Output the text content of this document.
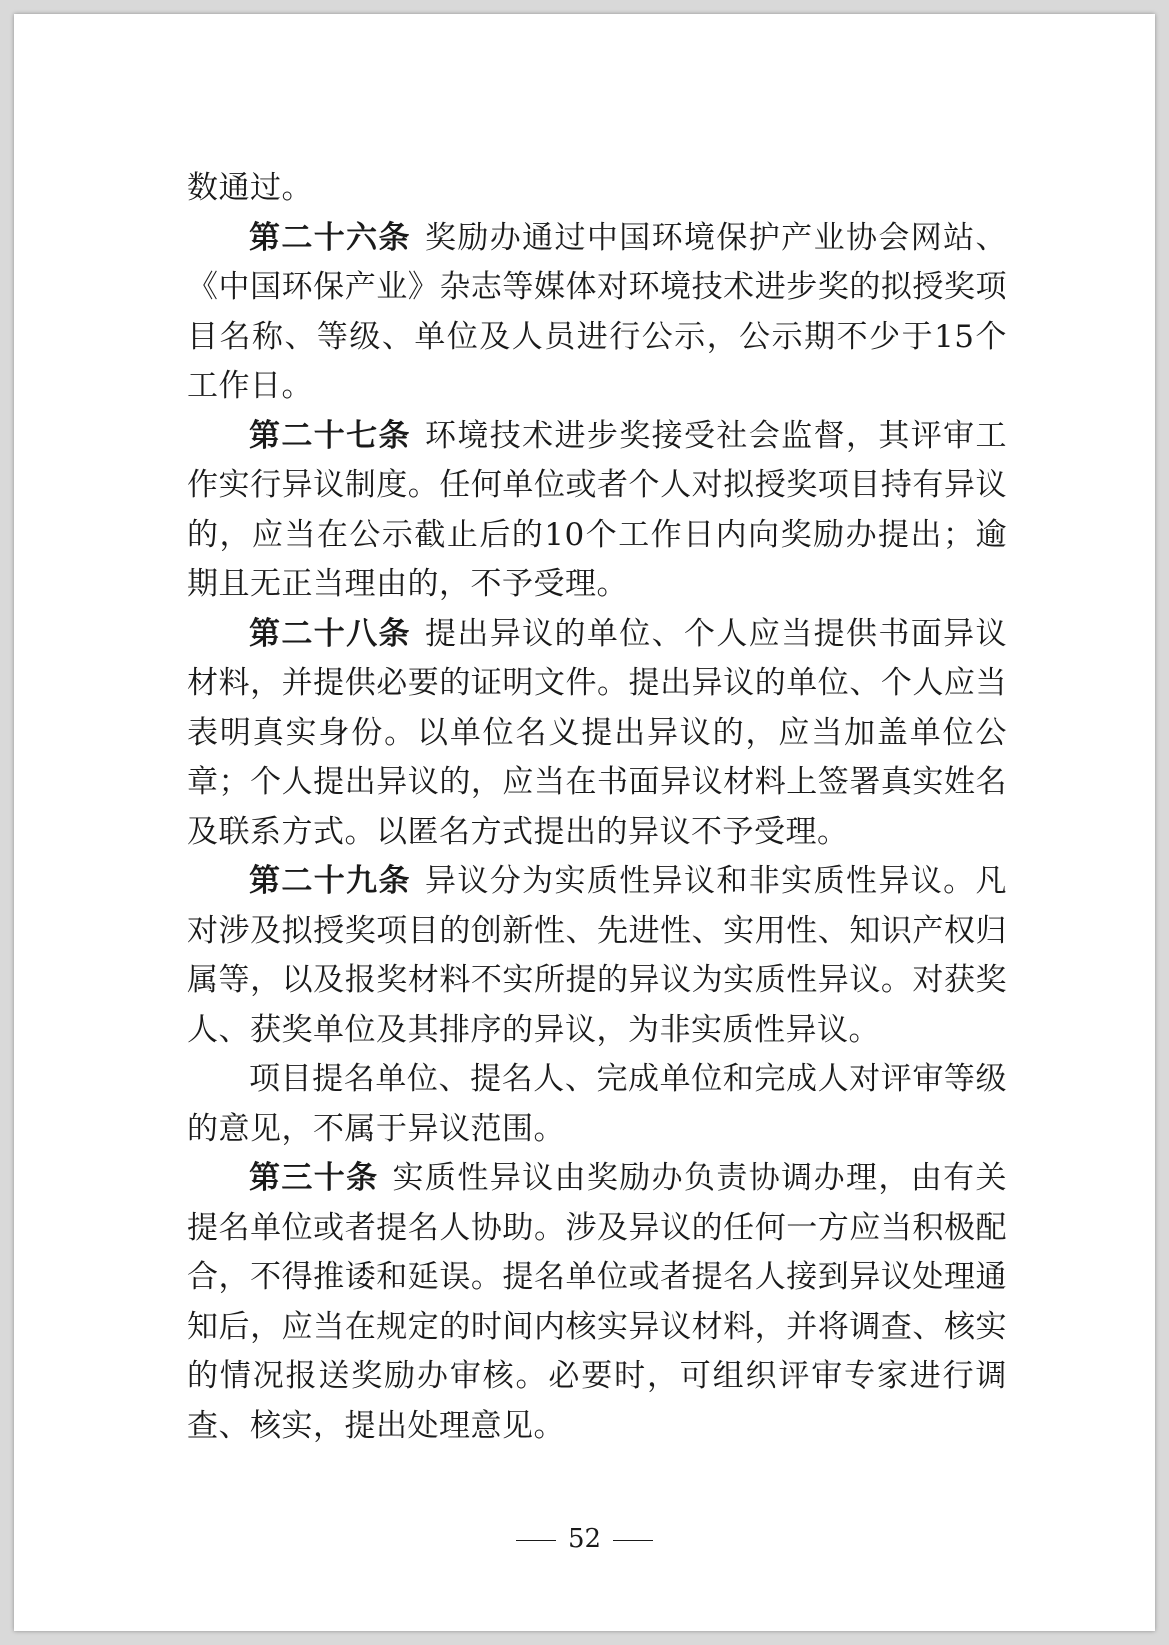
数通过。

第二十六条 奖励办通过中国环境保护产业协会网站、《中国环保产业》杂志等媒体对环境技术进步奖的拟授奖项目名称、等级、单位及人员进行公示，公示期不少于15个工作日。

第二十七条 环境技术进步奖接受社会监督，其评审工作实行异议制度。任何单位或者个人对拟授奖项目持有异议的，应当在公示截止后的10个工作日内向奖励办提出；逾期且无正当理由的，不予受理。

第二十八条 提出异议的单位、个人应当提供书面异议材料，并提供必要的证明文件。提出异议的单位、个人应当表明真实身份。以单位名义提出异议的，应当加盖单位公章；个人提出异议的，应当在书面异议材料上签署真实姓名及联系方式。以匿名方式提出的异议不予受理。

第二十九条 异议分为实质性异议和非实质性异议。凡对涉及拟授奖项目的创新性、先进性、实用性、知识产权归属等，以及报奖材料不实所提的异议为实质性异议。对获奖人、获奖单位及其排序的异议，为非实质性异议。

项目提名单位、提名人、完成单位和完成人对评审等级的意见，不属于异议范围。

第三十条 实质性异议由奖励办负责协调办理，由有关提名单位或者提名人协助。涉及异议的任何一方应当积极配合，不得推诿和延误。提名单位或者提名人接到异议处理通知后，应当在规定的时间内核实异议材料，并将调查、核实的情况报送奖励办审核。必要时，可组织评审专家进行调查、核实，提出处理意见。

52
